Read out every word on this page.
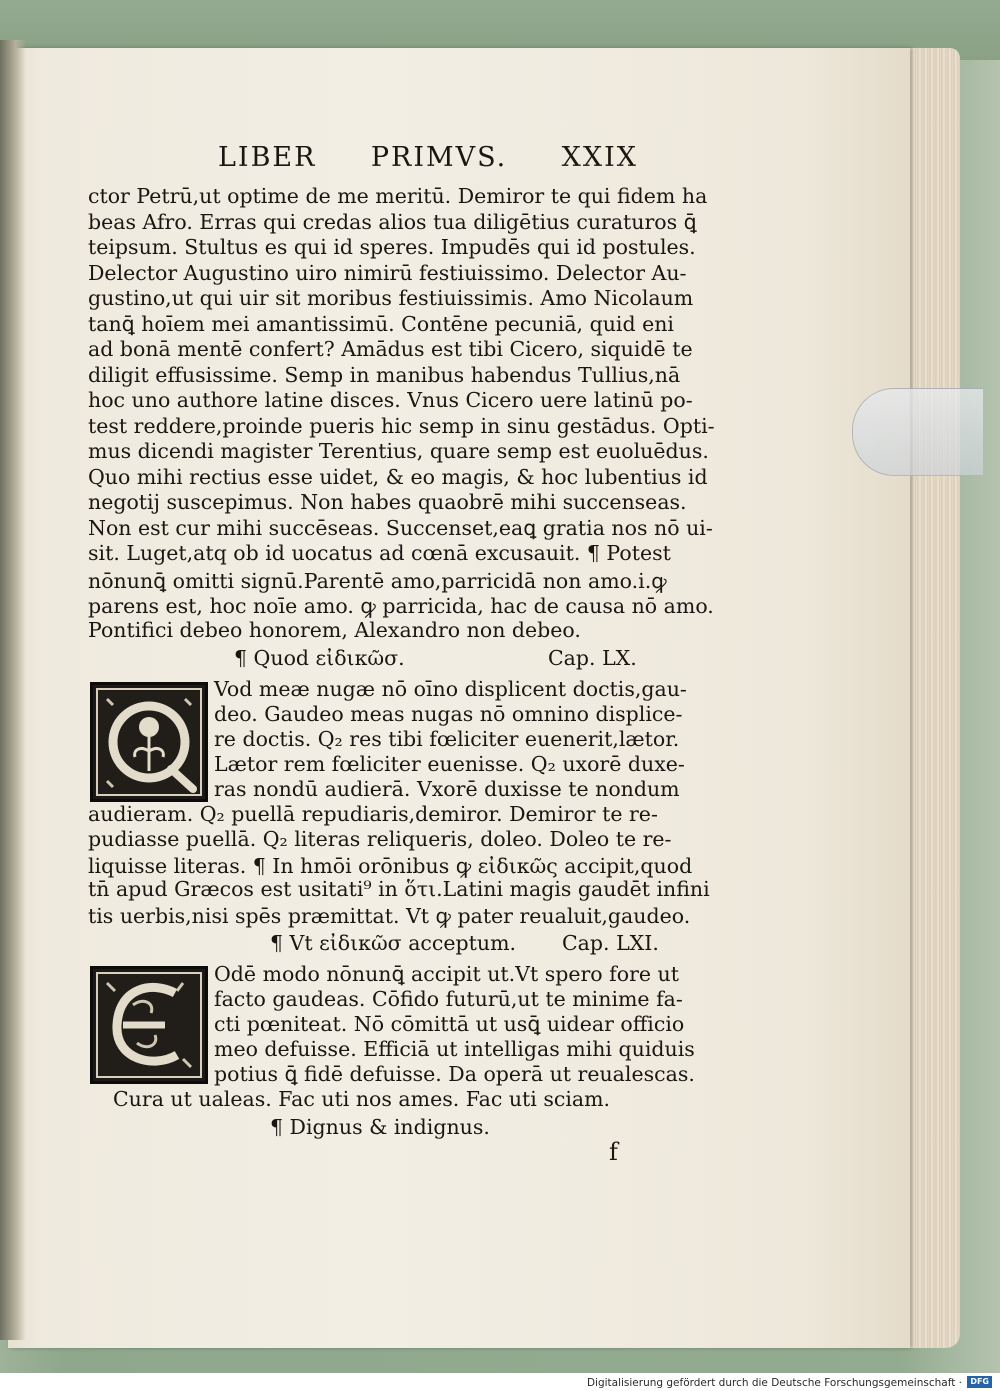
LIBER PRIMVS. XXIX
ctor Petrū,ut optime de me meritū. Demiror te qui fidem ha
beas Afro. Erras qui credas alios tua diligētius curaturos ꝗ̄
teipsum. Stultus es qui id speres. Impudēs qui id postules.
Delector Augustino uiro nimirū festiuissimo. Delector Au-
gustino,ut qui uir sit moribus festiuissimis. Amo Nicolaum
tanꝗ̄ hoīem mei amantissimū. Contēne pecuniā, quid eni
ad bonā mentē confert? Amādus est tibi Cicero, siquidē te
diligit effusissime. Semp in manibus habendus Tullius,nā
hoc uno authore latine disces. Vnus Cicero uere latinū po-
test reddere,proinde pueris hic semp in sinu gestādus. Opti-
mus dicendi magister Terentius, quare semp est euoluēdus.
Quo mihi rectius esse uidet, & eo magis, & hoc lubentius id
negotij suscepimus. Non habes quaobrē mihi succenseas.
Non est cur mihi succēseas. Succenset,eaꝗ gratia nos nō ui-
sit. Luget,atq ob id uocatus ad cœnā excusauit. ¶ Potest
nōnunꝗ̄ omitti signū.Parentē amo,parricidā non amo.i.ꝙ
parens est, hoc noīe amo. ꝙ parricida, hac de causa nō amo.
Pontifici debeo honorem, Alexandro non debeo.
¶ Quod εἰδικῶσ.	Cap. LX.
Vod meæ nugæ nō oīno displicent doctis,gau-
deo. Gaudeo meas nugas nō omnino displice-
re doctis. Q₂ res tibi fœliciter euenerit,lætor.
Lætor rem fœliciter euenisse. Q₂ uxorē duxe-
ras nondū audierā. Vxorē duxisse te nondum
audieram. Q₂ puellā repudiaris,demiror. Demiror te re-
pudiasse puellā. Q₂ literas reliqueris, doleo. Doleo te re-
liquisse literas. ¶ In hmōi orōnibus ꝙ εἰδικῶς accipit,quod
tn̄ apud Græcos est usitati⁹ in ὅτι.Latini magis gaudēt infini
tis uerbis,nisi spēs præmittat. Vt ꝙ pater reualuit,gaudeo.
¶ Vt εἰδικῶσ acceptum. Cap. LXI.
Odē modo nōnunꝗ̄ accipit ut.Vt spero fore ut
facto gaudeas. Cōfido futurū,ut te minime fa-
cti pœniteat. Nō cōmittā ut usꝗ̄ uidear officio
meo defuisse. Efficiā ut intelligas mihi quiduis
potius ꝗ̄ fidē defuisse. Da operā ut reualescas.
Cura ut ualeas. Fac uti nos ames. Fac uti sciam.
¶ Dignus & indignus.
f
Digitalisierung gefördert durch die Deutsche Forschungsgemeinschaft ·	DFG
